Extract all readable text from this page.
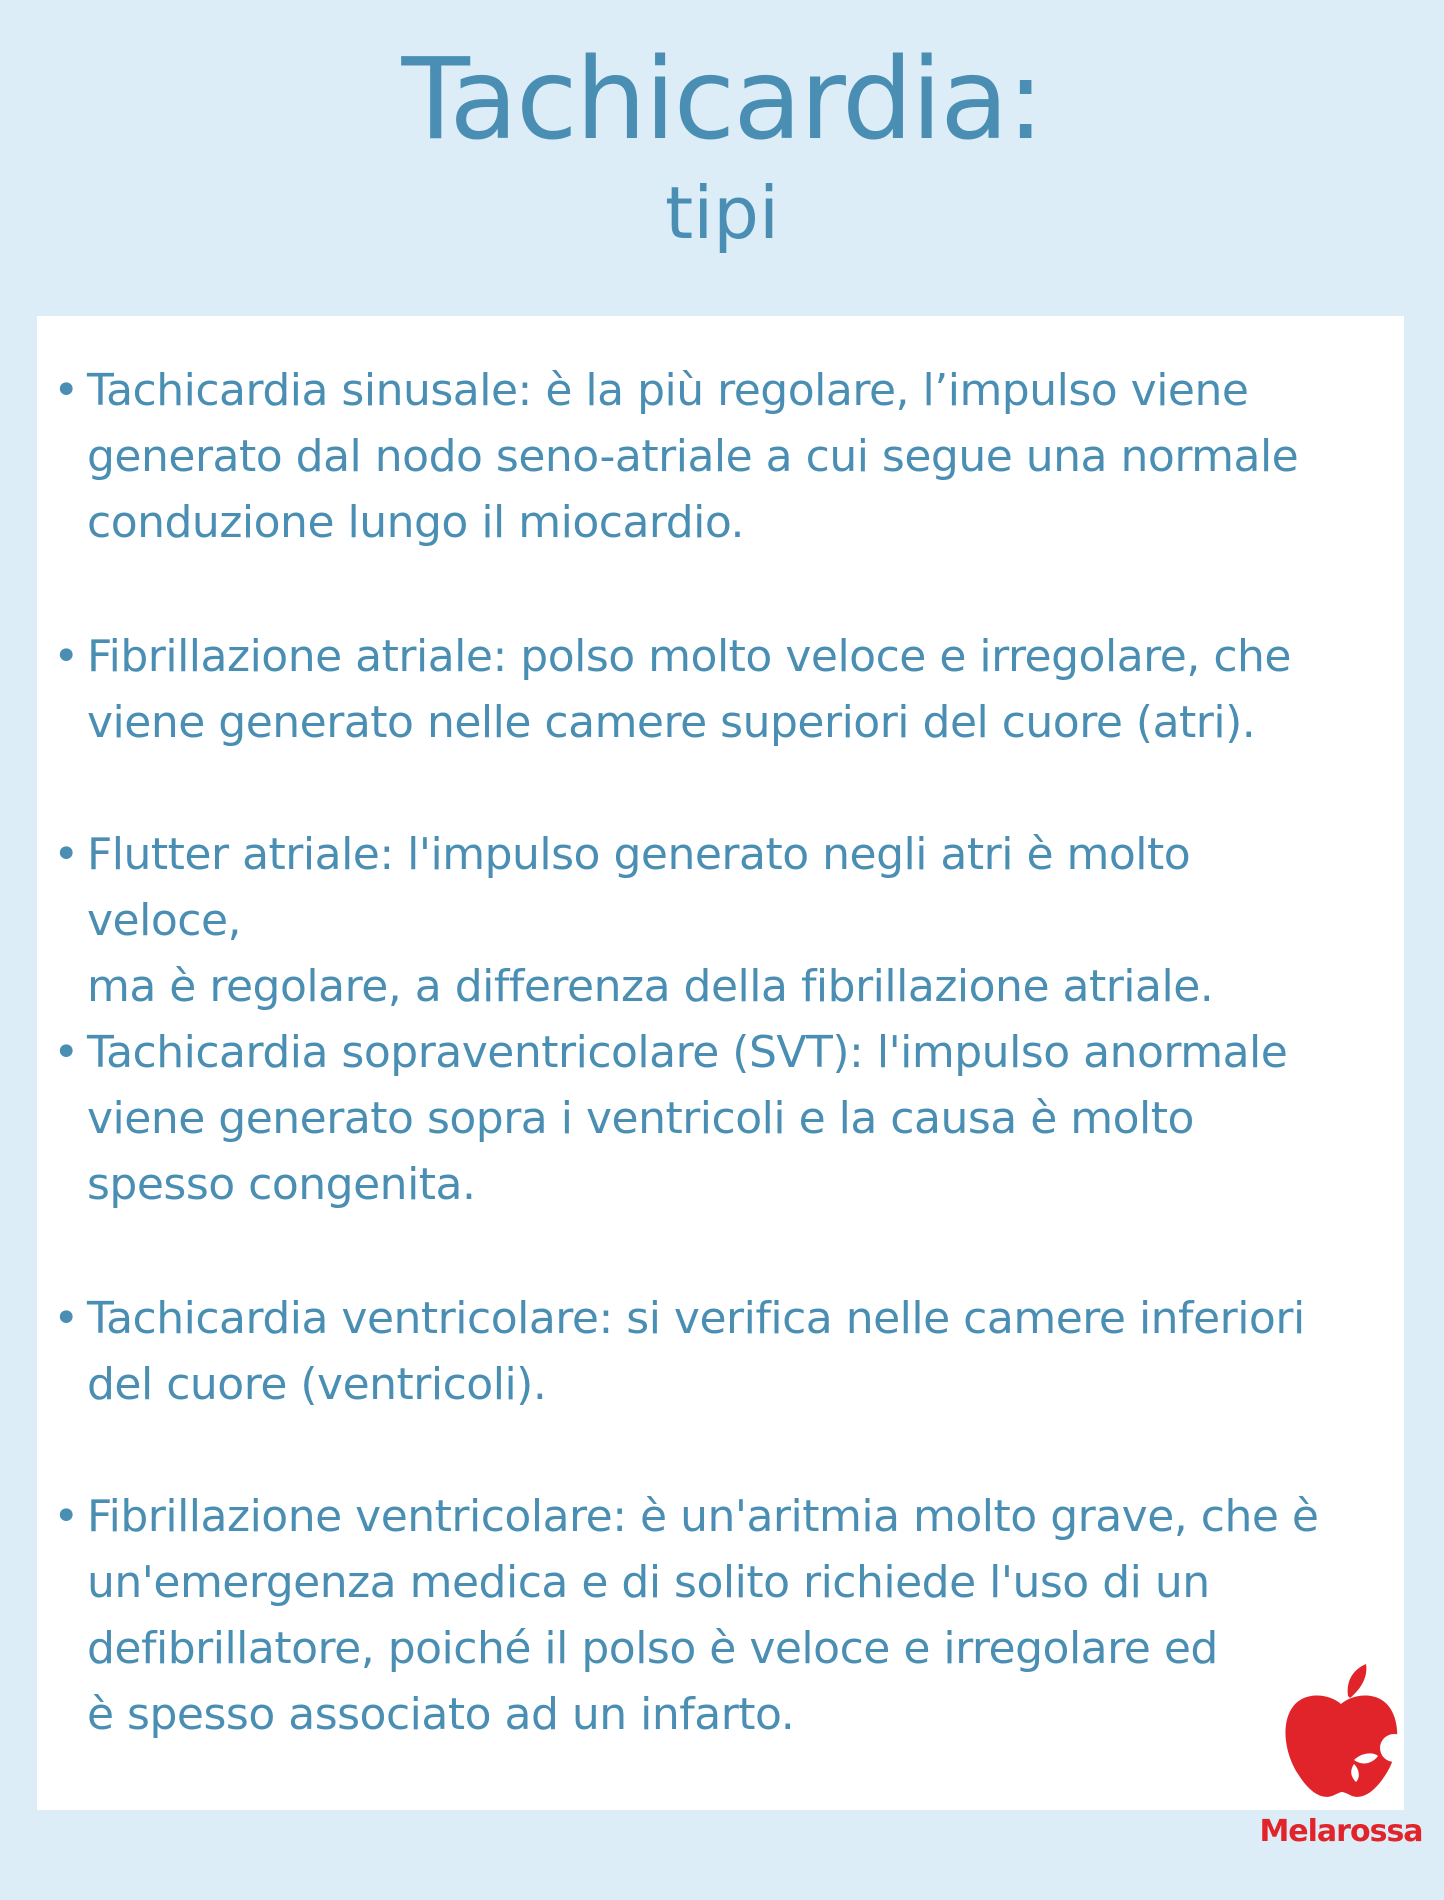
Tachicardia:
tipi
• Tachicardia sinusale: è la più regolare, l’impulso viene
generato dal nodo seno-atriale a cui segue una normale
conduzione lungo il miocardio.
• Fibrillazione atriale: polso molto veloce e irregolare, che
viene generato nelle camere superiori del cuore (atri).
• Flutter atriale: l'impulso generato negli atri è molto veloce,
ma è regolare, a differenza della fibrillazione atriale.
• Tachicardia sopraventricolare (SVT): l'impulso anormale
viene generato sopra i ventricoli e la causa è molto
spesso congenita.
• Tachicardia ventricolare: si verifica nelle camere inferiori
del cuore (ventricoli).
• Fibrillazione ventricolare: è un'aritmia molto grave, che è
un'emergenza medica e di solito richiede l'uso di un
defibrillatore, poiché il polso è veloce e irregolare ed
è spesso associato ad un infarto.
Melarossa
